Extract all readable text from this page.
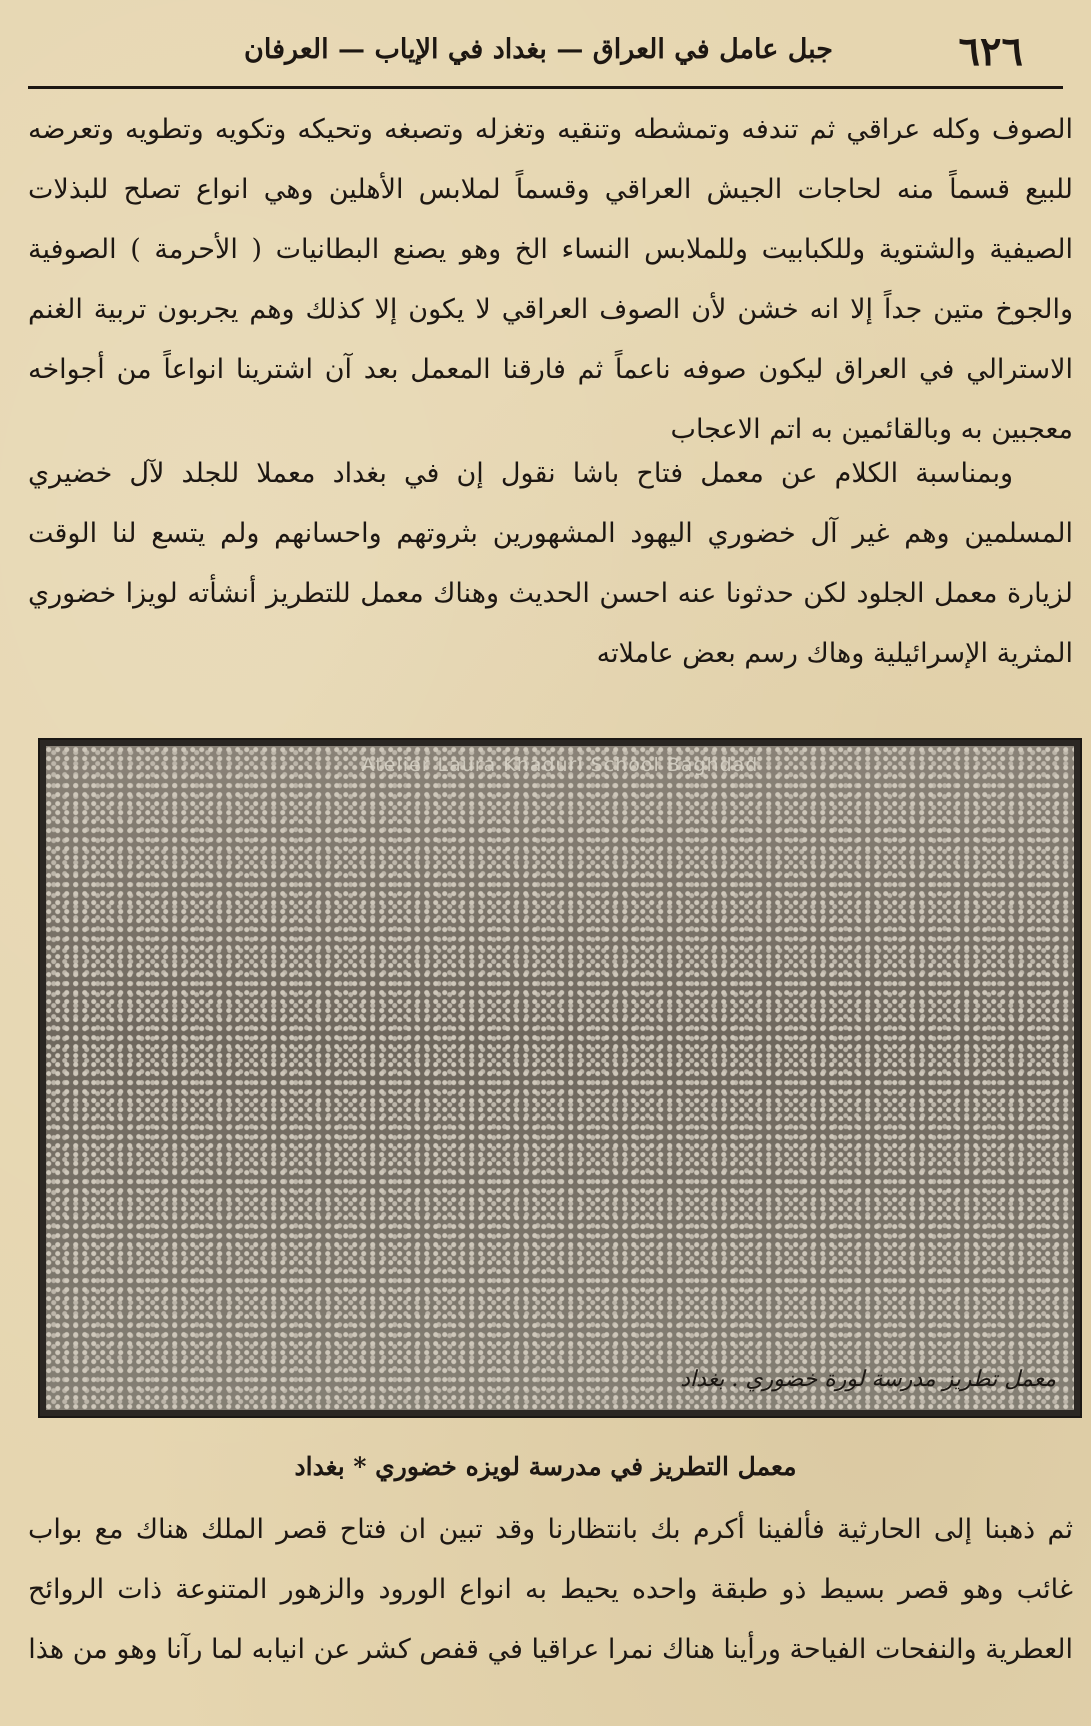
٦٢٦
جبل عامل في العراق — بغداد في الإياب — العرفان

الصوف وكله عراقي ثم تندفه وتمشطه وتنقيه وتغزله وتصبغه وتحيكه وتكويه وتطويه وتعرضه للبيع قسماً منه لحاجات الجيش العراقي وقسماً لملابس الأهلين وهي انواع تصلح للبذلات الصيفية والشتوية وللكبابيت وللملابس النساء الخ وهو يصنع البطانيات ( الأحرمة ) الصوفية والجوخ متين جداً إلا انه خشن لأن الصوف العراقي لا يكون إلا كذلك وهم يجربون تربية الغنم الاسترالي في العراق ليكون صوفه ناعماً ثم فارقنا المعمل بعد آن اشترينا انواعاً من أجواخه معجبين به وبالقائمين به اتم الاعجاب

وبمناسبة الكلام عن معمل فتاح باشا نقول إن في بغداد معملا للجلد لآل خضيري المسلمين وهم غير آل خضوري اليهود المشهورين بثروتهم واحسانهم ولم يتسع لنا الوقت لزيارة معمل الجلود لكن حدثونا عنه احسن الحديث وهناك معمل للتطريز أنشأته لويزا خضوري المثرية الإسرائيلية وهاك رسم بعض عاملاته

Atelier Laura Khaduri School Baghdad
معمل تطريز مدرسة لورة خضوري . بغداد
معمل التطريز في مدرسة لويزه خضوري * بغداد

ثم ذهبنا إلى الحارثية فألفينا أكرم بك بانتظارنا وقد تبين ان فتاح قصر الملك هناك مع بواب غائب وهو قصر بسيط ذو طبقة واحده يحيط به انواع الورود والزهور المتنوعة ذات الروائح العطرية والنفحات الفياحة ورأينا هناك نمرا عراقيا في قفص كشر عن انيابه لما رآنا وهو من هذا
